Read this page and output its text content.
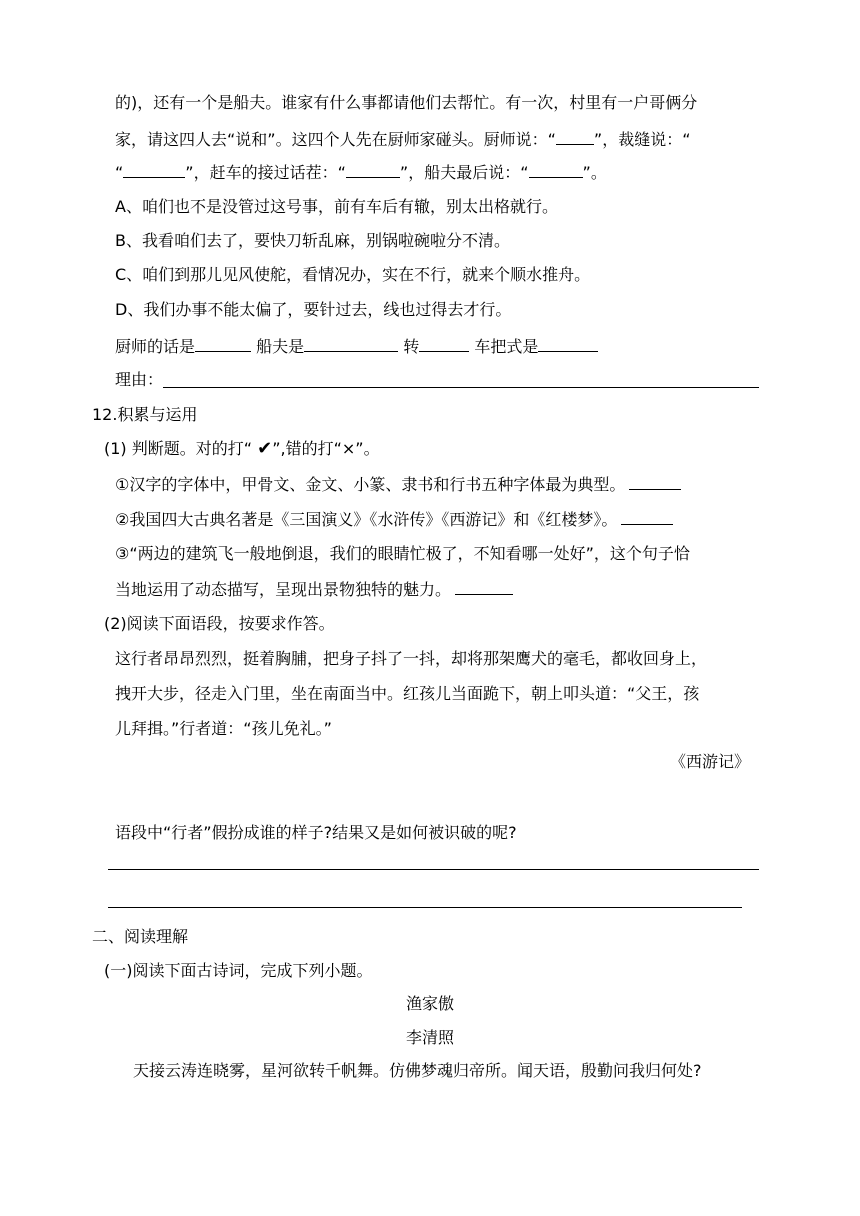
的)，还有一个是船夫。谁家有什么事都请他们去帮忙。有一次，村里有一户哥俩分
家，请这四人去“说和”。这四个人先在厨师家碰头。厨师说：“ ”，裁缝说：“
“	”，赶车的接过话茬：“	”，船夫最后说：“	”。
A、咱们也不是没管过这号事，前有车后有辙，别太出格就行。
B、我看咱们去了，要快刀斩乱麻，别锅啦碗啦分不清。
C、咱们到那儿见风使舵，看情况办，实在不行，就来个顺水推舟。
D、我们办事不能太偏了，要针过去，线也过得去才行。
厨师的话是	船夫是	转	车把式是
理由：
12.积累与运用
(1) 判断题。对的打“ ✔”,错的打“×”。
①汉字的字体中，甲骨文、金文、小篆、隶书和行书五种字体最为典型。
②我国四大古典名著是《三国演义》《水浒传》《西游记》和《红楼梦》。
③“两边的建筑飞一般地倒退，我们的眼睛忙极了，不知看哪一处好”，这个句子恰
当地运用了动态描写，呈现出景物独特的魅力。
(2)阅读下面语段，按要求作答。
这行者昂昂烈烈，挺着胸脯，把身子抖了一抖，却将那架鹰犬的毫毛，都收回身上，
拽开大步，径走入门里，坐在南面当中。红孩儿当面跪下，朝上叩头道：“父王，孩
儿拜揖。”行者道：“孩儿免礼。”
《西游记》
语段中“行者”假扮成谁的样子?结果又是如何被识破的呢?
二、阅读理解
(一)阅读下面古诗词，完成下列小题。
渔家傲
李清照
天接云涛连晓雾，星河欲转千帆舞。仿佛梦魂归帝所。闻天语，殷勤问我归何处?
